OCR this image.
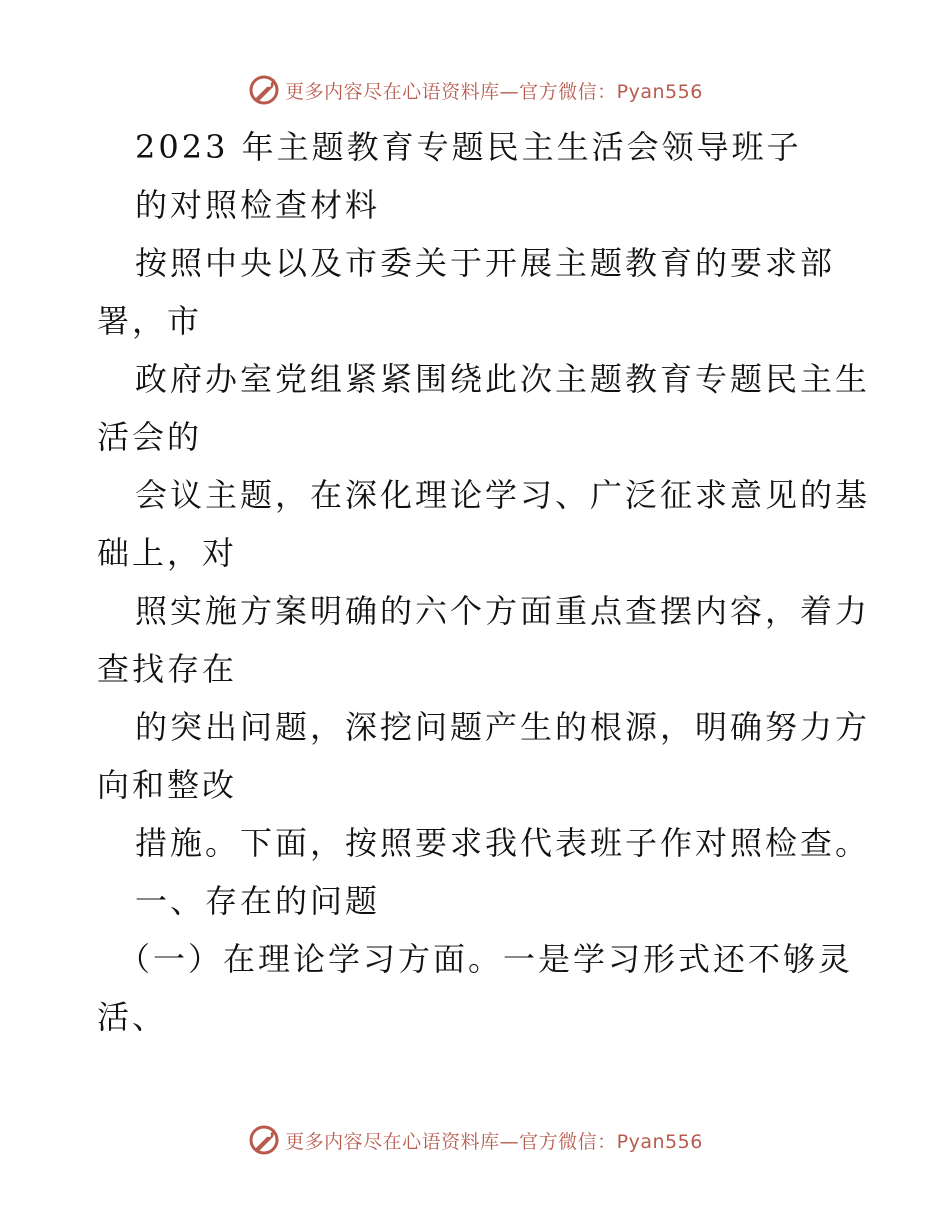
更多内容尽在心语资料库—官方微信：Pyan556
2023 年主题教育专题民主生活会领导班子
的对照检查材料
按照中央以及市委关于开展主题教育的要求部
署，市
政府办室党组紧紧围绕此次主题教育专题民主生
活会的
会议主题，在深化理论学习、广泛征求意见的基
础上，对
照实施方案明确的六个方面重点查摆内容，着力
查找存在
的突出问题，深挖问题产生的根源，明确努力方
向和整改
措施。下面，按照要求我代表班子作对照检查。
一、存在的问题
（一）在理论学习方面。一是学习形式还不够灵
活、
更多内容尽在心语资料库—官方微信：Pyan556
